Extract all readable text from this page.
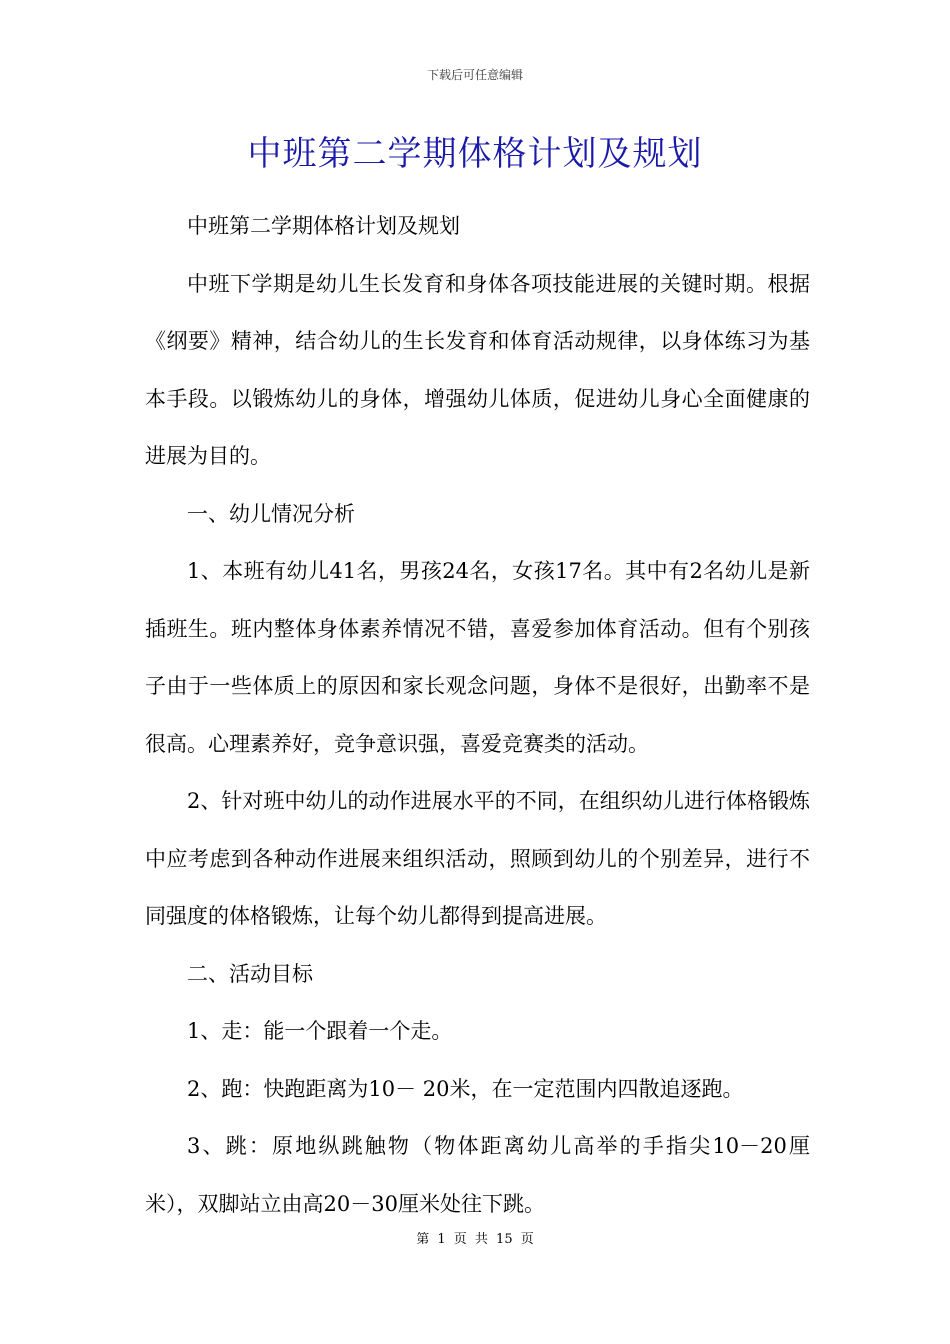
下载后可任意编辑
中班第二学期体格计划及规划

中班第二学期体格计划及规划

中班下学期是幼儿生长发育和身体各项技能进展的关键时期。根据《纲要》精神，结合幼儿的生长发育和体育活动规律，以身体练习为基本手段。以锻炼幼儿的身体，增强幼儿体质，促进幼儿身心全面健康的进展为目的。

一、幼儿情况分析

1、本班有幼儿41名，男孩24名，女孩17名。其中有2名幼儿是新插班生。班内整体身体素养情况不错，喜爱参加体育活动。但有个别孩子由于一些体质上的原因和家长观念问题，身体不是很好，出勤率不是很高。心理素养好，竞争意识强，喜爱竞赛类的活动。

2、针对班中幼儿的动作进展水平的不同，在组织幼儿进行体格锻炼中应考虑到各种动作进展来组织活动，照顾到幼儿的个别差异，进行不同强度的体格锻炼，让每个幼儿都得到提高进展。

二、活动目标

1、走：能一个跟着一个走。

2、跑：快跑距离为10－ 20米，在一定范围内四散追逐跑。

3、跳：原地纵跳触物（物体距离幼儿高举的手指尖10－20厘米），双脚站立由高20－30厘米处往下跳。

第 1 页 共 15 页
